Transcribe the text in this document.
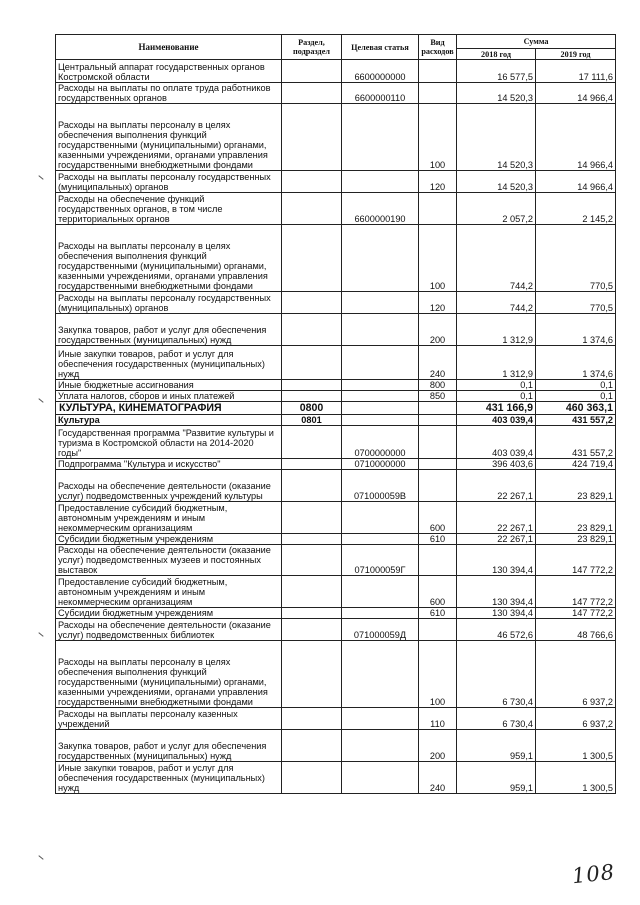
Наименование	Раздел, подраздел	Целевая статья	Вид расходов	Сумма	
				2018 год	2019 год
Центральный аппарат государственных органов Костромской области		6600000000		16 577,5	17 111,6
Расходы на выплаты по оплате труда работников государственных органов		6600000110		14 520,3	14 966,4
Расходы на выплаты персоналу в целях обеспечения выполнения функций государственными (муниципальными) органами, казенными учреждениями, органами управления государственными внебюджетными фондами			100	14 520,3	14 966,4
Расходы на выплаты персоналу государственных (муниципальных) органов			120	14 520,3	14 966,4
Расходы на обеспечение функций государственных органов, в том числе территориальных органов		6600000190		2 057,2	2 145,2
Расходы на выплаты персоналу в целях обеспечения выполнения функций государственными (муниципальными) органами, казенными учреждениями, органами управления государственными внебюджетными фондами			100	744,2	770,5
Расходы на выплаты персоналу государственных (муниципальных) органов			120	744,2	770,5
Закупка товаров, работ и услуг для обеспечения государственных (муниципальных) нужд			200	1 312,9	1 374,6
Иные закупки товаров, работ и услуг для обеспечения государственных (муниципальных) нужд			240	1 312,9	1 374,6
Иные бюджетные ассигнования			800	0,1	0,1
Уплата налогов, сборов и иных платежей			850	0,1	0,1
КУЛЬТУРА, КИНЕМАТОГРАФИЯ	0800			431 166,9	460 363,1
Культура	0801			403 039,4	431 557,2
Государственная программа "Развитие культуры и туризма в Костромской области на 2014-2020 годы"		0700000000		403 039,4	431 557,2
Подпрограмма "Культура и искусство"		0710000000		396 403,6	424 719,4
Расходы на обеспечение деятельности (оказание услуг) подведомственных учреждений культуры		071000059В		22 267,1	23 829,1
Предоставление субсидий бюджетным, автономным учреждениям и иным некоммерческим организациям			600	22 267,1	23 829,1
Субсидии бюджетным учреждениям			610	22 267,1	23 829,1
Расходы на обеспечение деятельности (оказание услуг) подведомственных музеев и постоянных выставок		071000059Г		130 394,4	147 772,2
Предоставление субсидий бюджетным, автономным учреждениям и иным некоммерческим организациям			600	130 394,4	147 772,2
Субсидии бюджетным учреждениям			610	130 394,4	147 772,2
Расходы на обеспечение деятельности (оказание услуг) подведомственных библиотек		071000059Д		46 572,6	48 766,6
Расходы на выплаты персоналу в целях обеспечения выполнения функций государственными (муниципальными) органами, казенными учреждениями, органами управления государственными внебюджетными фондами			100	6 730,4	6 937,2
Расходы на выплаты персоналу казенных учреждений			110	6 730,4	6 937,2
Закупка товаров, работ и услуг для обеспечения государственных (муниципальных) нужд			200	959,1	1 300,5
Иные закупки товаров, работ и услуг для обеспечения государственных (муниципальных) нужд			240	959,1	1 300,5
108
